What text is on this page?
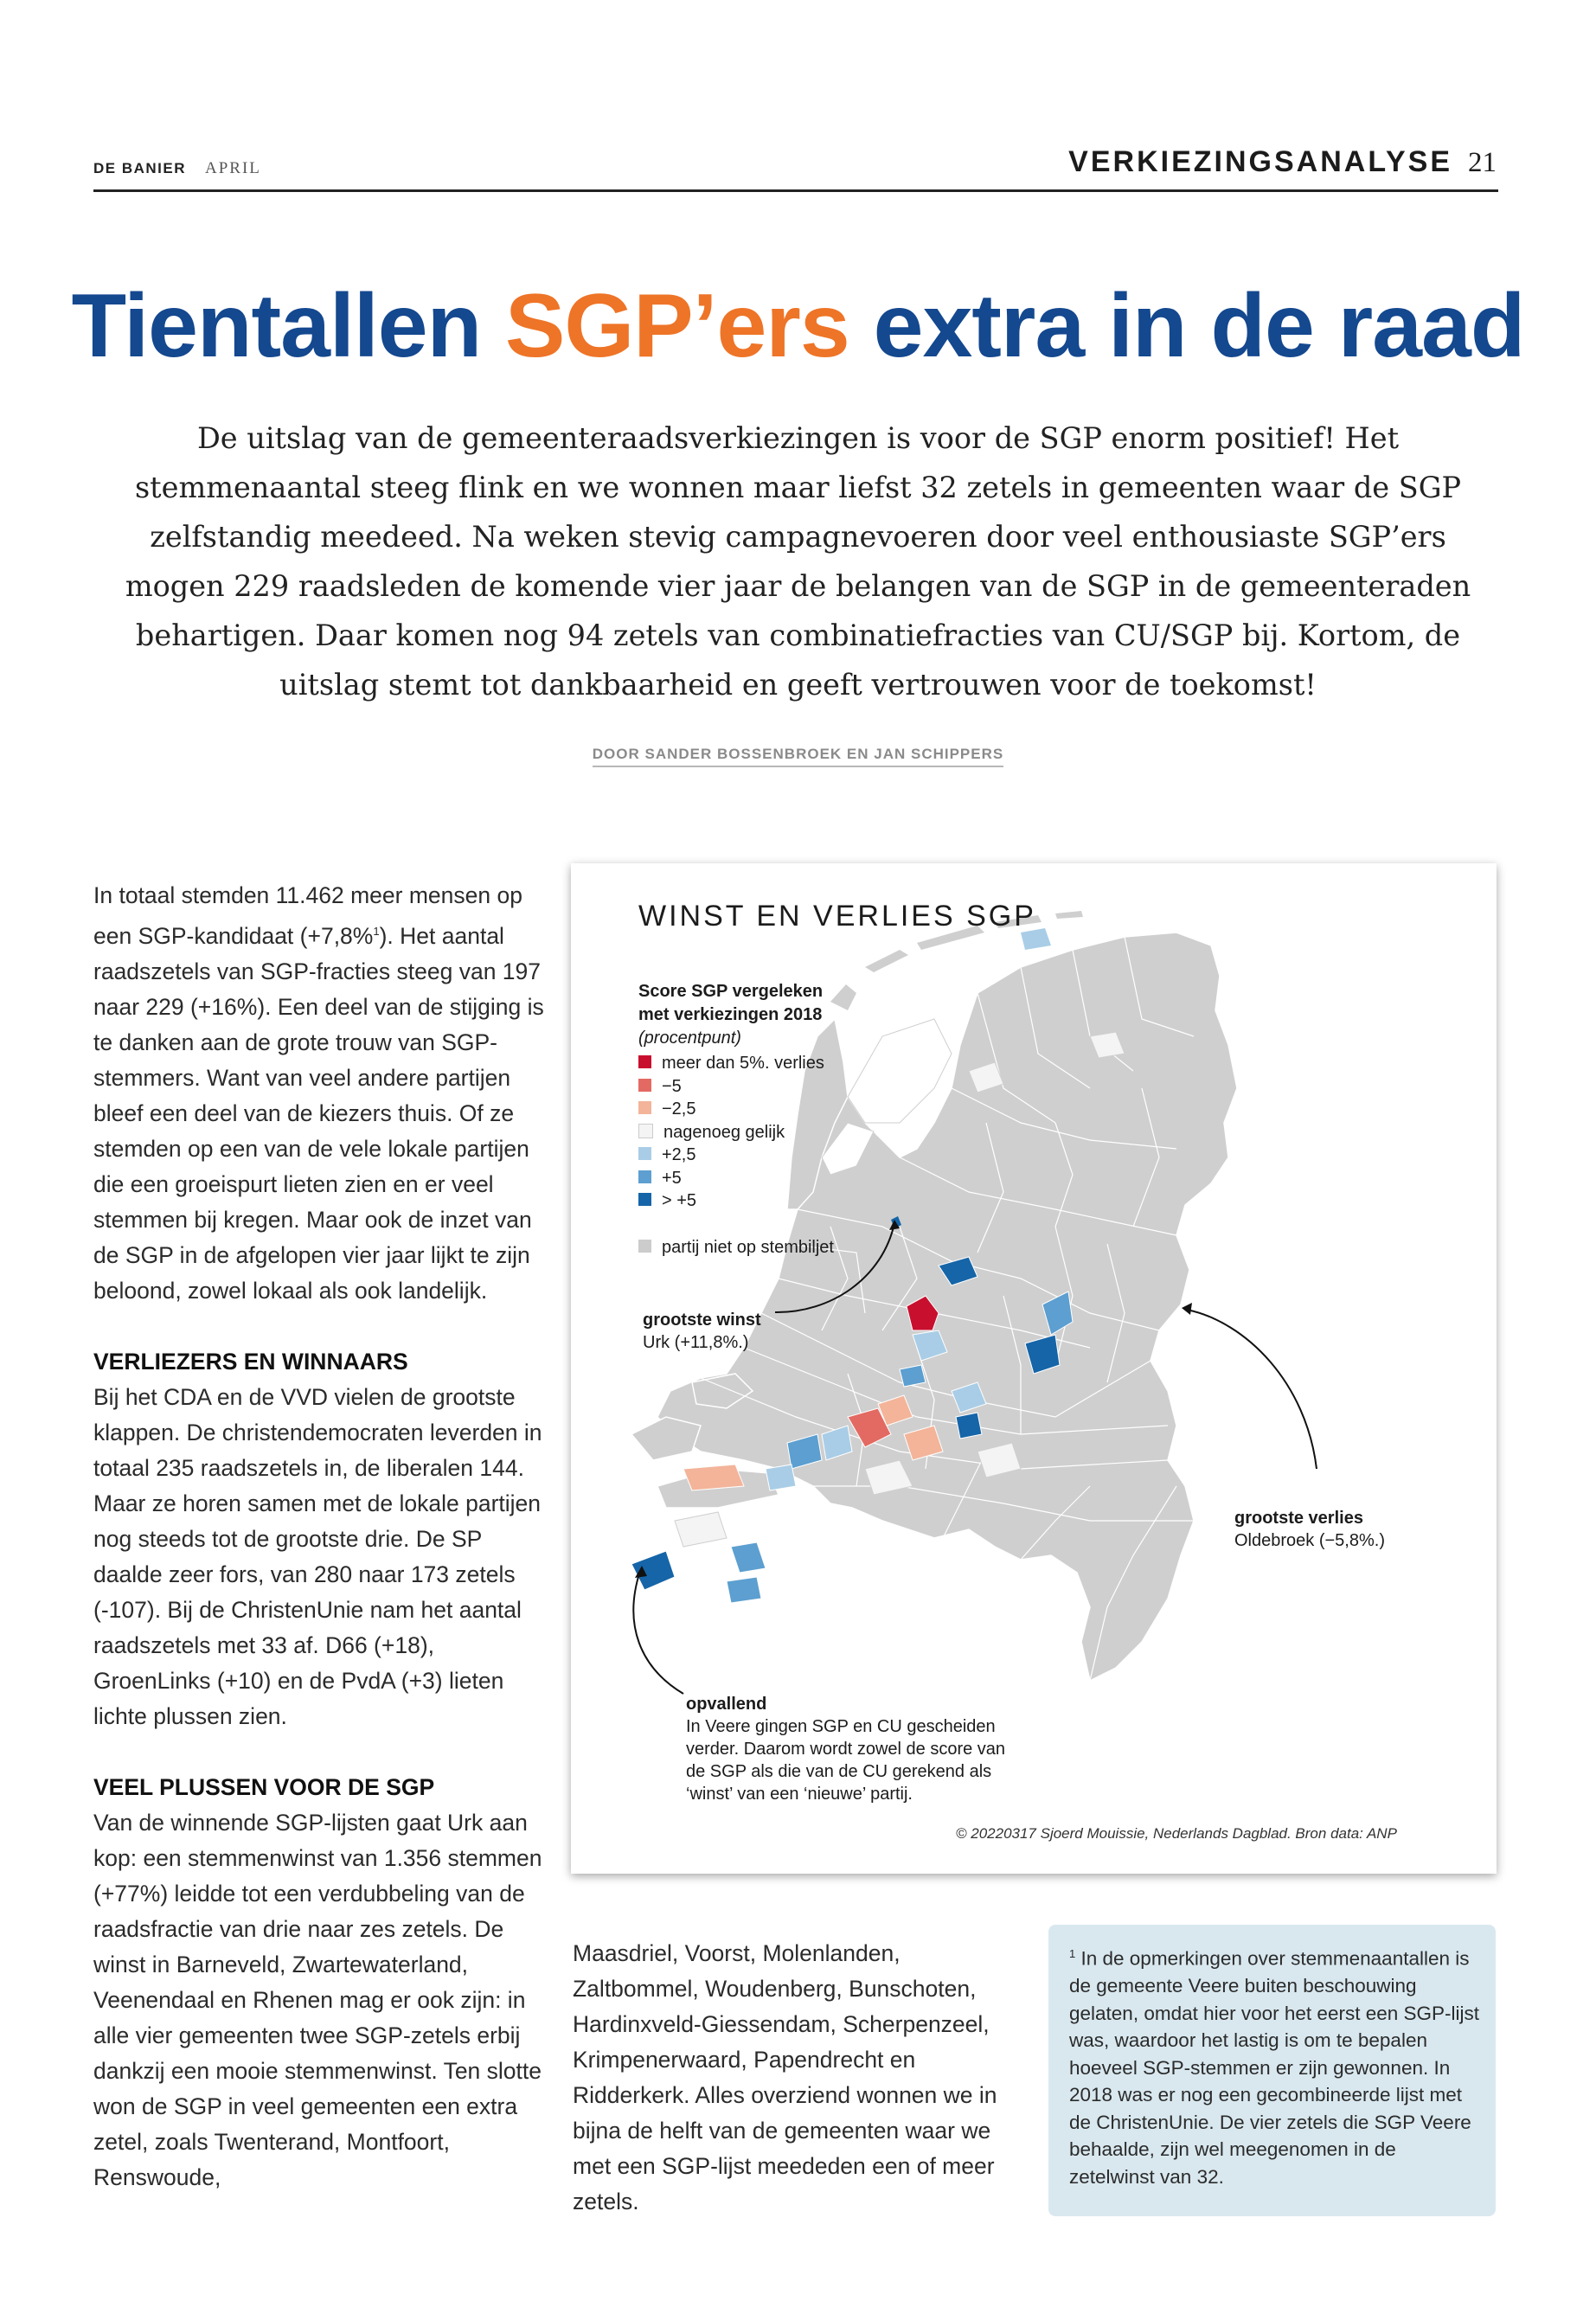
DE BANIER APRIL	VERKIEZINGSANALYSE 21
Tientallen SGP’ers extra in de raad
De uitslag van de gemeenteraadsverkiezingen is voor de SGP enorm positief! Het stemmenaantal steeg flink en we wonnen maar liefst 32 zetels in gemeenten waar de SGP zelfstandig meedeed. Na weken stevig campagnevoeren door veel enthousiaste SGP’ers mogen 229 raadsleden de komende vier jaar de belangen van de SGP in de gemeenteraden behartigen. Daar komen nog 94 zetels van combinatiefracties van CU/SGP bij. Kortom, de uitslag stemt tot dankbaarheid en geeft vertrouwen voor de toekomst!
DOOR SANDER BOSSENBROEK EN JAN SCHIPPERS

In totaal stemden 11.462 meer mensen op een SGP-kandidaat (+7,8%$^1$). Het aantal raadszetels van SGP-fracties steeg van 197 naar 229 (+16%). Een deel van de stijging is te danken aan de grote trouw van SGP-stemmers. Want van veel andere partijen bleef een deel van de kiezers thuis. Of ze stemden op een van de vele lokale partijen die een groeispurt lieten zien en er veel stemmen bij kregen. Maar ook de inzet van de SGP in de afgelopen vier jaar lijkt te zijn beloond, zowel lokaal als ook landelijk.

VERLIEZERS EN WINNAARS

Bij het CDA en de VVD vielen de grootste klappen. De christendemocraten leverden in totaal 235 raadszetels in, de liberalen 144. Maar ze horen samen met de lokale partijen nog steeds tot de grootste drie. De SP daalde zeer fors, van 280 naar 173 zetels (-107). Bij de ChristenUnie nam het aantal raadszetels met 33 af. D66 (+18), GroenLinks (+10) en de PvdA (+3) lieten lichte plussen zien.

VEEL PLUSSEN VOOR DE SGP

Van de winnende SGP-lijsten gaat Urk aan kop: een stemmenwinst van 1.356 stemmen (+77%) leidde tot een verdubbeling van de raadsfractie van drie naar zes zetels. De winst in Barneveld, Zwartewaterland, Veenendaal en Rhenen mag er ook zijn: in alle vier gemeenten twee SGP-zetels erbij dankzij een mooie stemmenwinst. Ten slotte won de SGP in veel gemeenten een extra zetel, zoals Twenterand, Montfoort, Renswoude,

Maasdriel, Voorst, Molenlanden, Zaltbommel, Woudenberg, Bunschoten, Hardinxveld-Giessendam, Scherpenzeel, Krimpenerwaard, Papendrecht en Ridderkerk. Alles overziend wonnen we in bijna de helft van de gemeenten waar we met een SGP-lijst meededen een of meer zetels.

$^1$ In de opmerkingen over stemmenaantallen is de gemeente Veere buiten beschouwing gelaten, omdat hier voor het eerst een SGP-lijst was, waardoor het lastig is om te bepalen hoeveel SGP-stemmen er zijn gewonnen. In 2018 was er nog een gecombineerde lijst met de ChristenUnie. De vier zetels die SGP Veere behaalde, zijn wel meegenomen in de zetelwinst van 32.
WINST EN VERLIES SGP
Score SGP vergeleken met verkiezingen 2018
(procentpunt)
meer dan 5%. verlies
−5
−2,5
nagenoeg gelijk
+2,5
+5
> +5
partij niet op stembiljet
grootste winst
Urk (+11,8%.)
grootste verlies
Oldebroek (−5,8%.)
opvallend
In Veere gingen SGP en CU gescheiden verder. Daarom wordt zowel de score van de SGP als die van de CU gerekend als ‘winst’ van een ‘nieuwe’ partij.
© 20220317 Sjoerd Mouissie, Nederlands Dagblad. Bron data: ANP
